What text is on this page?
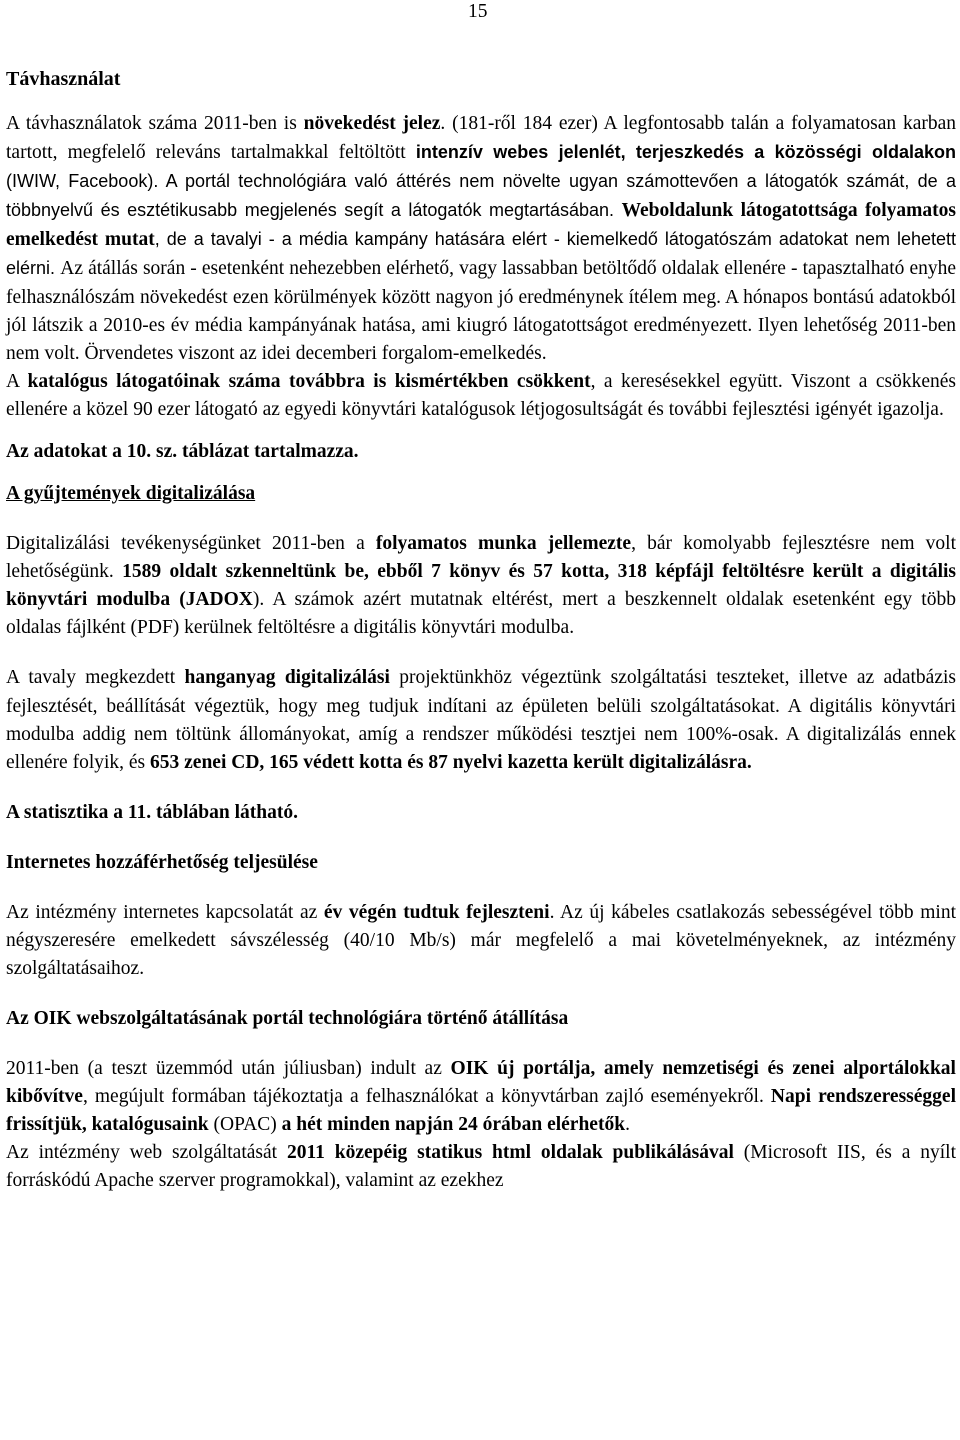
15
Távhasználat

A távhasználatok száma 2011-ben is növekedést jelez. (181-ről 184 ezer) A legfontosabb talán a folyamatosan karban tartott, megfelelő releváns tartalmakkal feltöltött intenzív webes jelenlét, terjeszkedés a közösségi oldalakon (IWIW, Facebook). A portál technológiára való áttérés nem növelte ugyan számottevően a látogatók számát, de a többnyelvű és esztétikusabb megjelenés segít a látogatók megtartásában. Weboldalunk látogatottsága folyamatos emelkedést mutat, de a tavalyi - a média kampány hatására elért - kiemelkedő látogatószám adatokat nem lehetett elérni. Az átállás során - esetenként nehezebben elérhető, vagy lassabban betöltődő oldalak ellenére - tapasztalható enyhe felhasználószám növekedést ezen körülmények között nagyon jó eredménynek ítélem meg. A hónapos bontású adatokból jól látszik a 2010-es év média kampányának hatása, ami kiugró látogatottságot eredményezett. Ilyen lehetőség 2011-ben nem volt. Örvendetes viszont az idei decemberi forgalom-emelkedés.

A katalógus látogatóinak száma továbbra is kismértékben csökkent, a keresésekkel együtt. Viszont a csökkenés ellenére a közel 90 ezer látogató az egyedi könyvtári katalógusok létjogosultságát és további fejlesztési igényét igazolja.

Az adatokat a 10. sz. táblázat tartalmazza.
A gyűjtemények digitalizálása

Digitalizálási tevékenységünket 2011-ben a folyamatos munka jellemezte, bár komolyabb fejlesztésre nem volt lehetőségünk. 1589 oldalt szkenneltünk be, ebből 7 könyv és 57 kotta, 318 képfájl feltöltésre került a digitális könyvtári modulba (JADOX). A számok azért mutatnak eltérést, mert a beszkennelt oldalak esetenként egy több oldalas fájlként (PDF) kerülnek feltöltésre a digitális könyvtári modulba.

A tavaly megkezdett hanganyag digitalizálási projektünkhöz végeztünk szolgáltatási teszteket, illetve az adatbázis fejlesztését, beállítását végeztük, hogy meg tudjuk indítani az épületen belüli szolgáltatásokat. A digitális könyvtári modulba addig nem töltünk állományokat, amíg a rendszer működési tesztjei nem 100%-osak. A digitalizálás ennek ellenére folyik, és 653 zenei CD, 165 védett kotta és 87 nyelvi kazetta került digitalizálásra.

A statisztika a 11. táblában látható.
Internetes hozzáférhetőség teljesülése

Az intézmény internetes kapcsolatát az év végén tudtuk fejleszteni. Az új kábeles csatlakozás sebességével több mint négyszeresére emelkedett sávszélesség (40/10 Mb/s) már megfelelő a mai követelményeknek, az intézmény szolgáltatásaihoz.

Az OIK webszolgáltatásának portál technológiára történő átállítása

2011-ben (a teszt üzemmód után júliusban) indult az OIK új portálja, amely nemzetiségi és zenei alportálokkal kibővítve, megújult formában tájékoztatja a felhasználókat a könyvtárban zajló eseményekről. Napi rendszerességgel frissítjük, katalógusaink (OPAC) a hét minden napján 24 órában elérhetők.

Az intézmény web szolgáltatását 2011 közepéig statikus html oldalak publikálásával (Microsoft IIS, és a nyílt forráskódú Apache szerver programokkal), valamint az ezekhez
